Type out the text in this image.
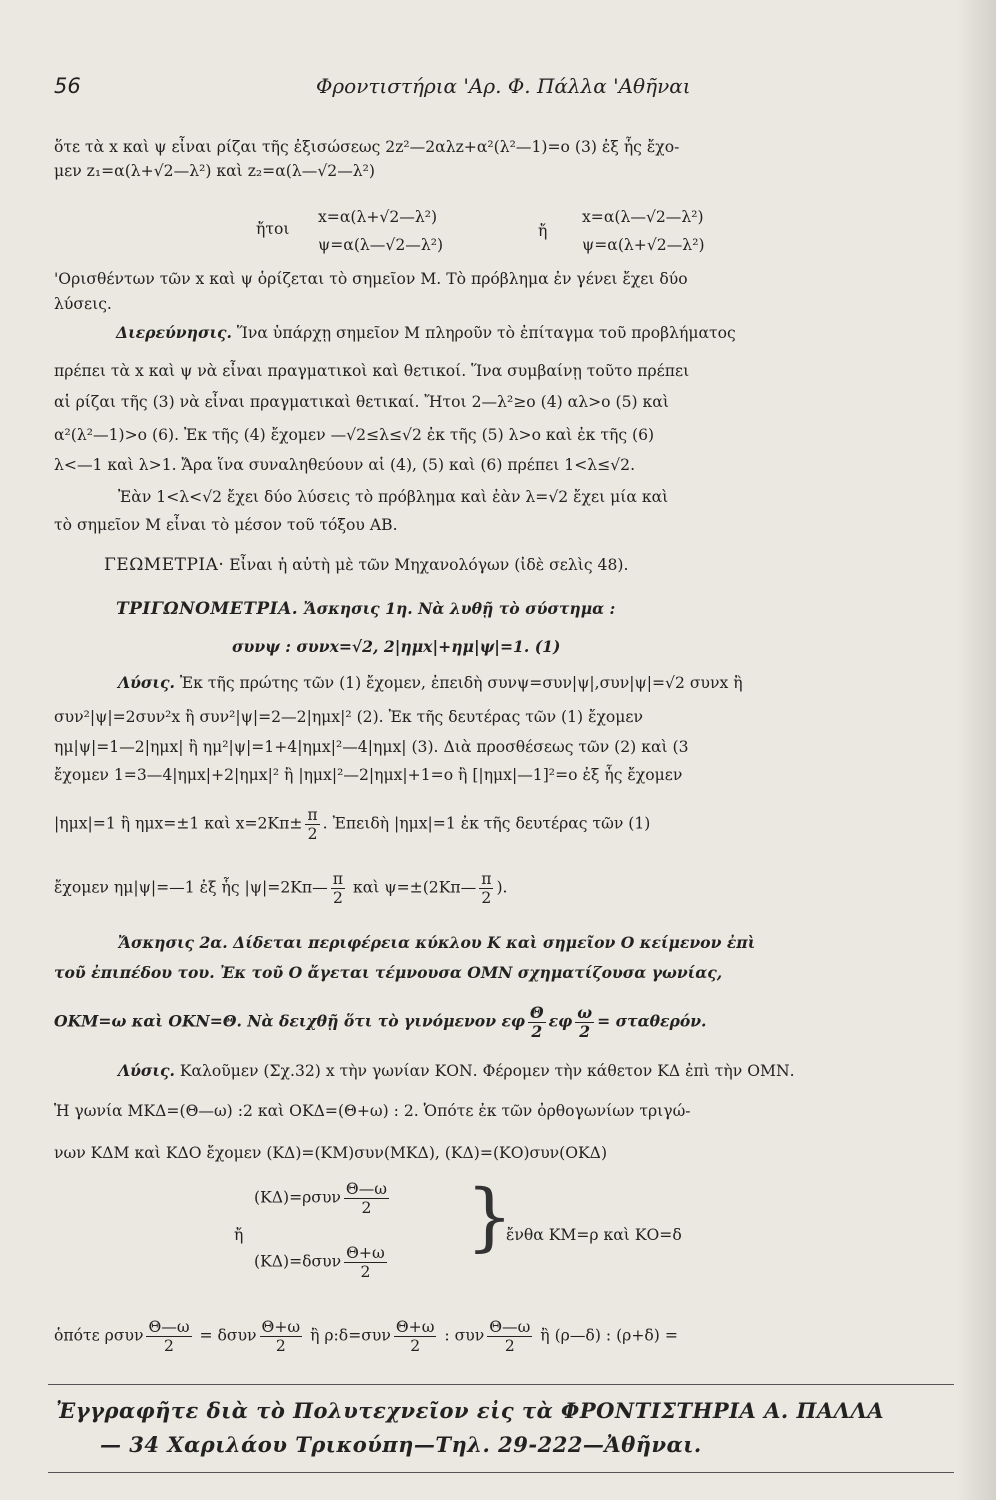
56	Φροντιστήρια 'Αρ. Φ. Πάλλα 'Αθῆναι
ὅτε τὰ x καὶ ψ εἶναι ρίζαι τῆς ἐξισώσεως 2z²—2αλz+α²(λ²—1)=ο (3) ἐξ ἧς ἔχο-
μεν z₁=α(λ+√2—λ²) καὶ z₂=α(λ—√2—λ²)
ἤτοι
x=α(λ+√2—λ²)
ψ=α(λ—√2—λ²)
ἤ
x=α(λ—√2—λ²)
ψ=α(λ+√2—λ²)
'Ορισθέντων τῶν x καὶ ψ ὁρίζεται τὸ σημεῖον Μ. Τὸ πρόβλημα ἐν γένει ἔχει δύο
λύσεις.
Διερεύνησις. Ἵνα ὑπάρχῃ σημεῖον Μ πληροῦν τὸ ἐπίταγμα τοῦ προβλήματος
πρέπει τὰ x καὶ ψ νὰ εἶναι πραγματικοὶ καὶ θετικοί. Ἵνα συμβαίνῃ τοῦτο πρέπει
αἱ ρίζαι τῆς (3) νὰ εἶναι πραγματικαὶ θετικαί. Ἤτοι 2—λ²≥ο (4) αλ>ο (5) καὶ
α²(λ²—1)>ο (6). Ἐκ τῆς (4) ἔχομεν —√2≤λ≤√2 ἐκ τῆς (5) λ>ο καὶ ἐκ τῆς (6)
λ<—1 καὶ λ>1. Ἄρα ἵνα συναληθεύουν αἱ (4), (5) καὶ (6) πρέπει 1<λ≤√2.
Ἐὰν 1<λ<√2 ἔχει δύο λύσεις τὸ πρόβλημα καὶ ἐὰν λ=√2 ἔχει μία καὶ
τὸ σημεῖον Μ εἶναι τὸ μέσον τοῦ τόξου ΑΒ.
ΓΕΩΜΕΤΡΙΑ· Εἶναι ἡ αὐτὴ μὲ τῶν Μηχανολόγων (ἰδὲ σελὶς 48).
ΤΡΙΓΩΝΟΜΕΤΡΙΑ. Ἄσκησις 1η. Νὰ λυθῇ τὸ σύστημα :
συνψ : συνx=√2, 2|ημx|+ημ|ψ|=1. (1)
Λύσις. Ἐκ τῆς πρώτης τῶν (1) ἔχομεν, ἐπειδὴ συνψ=συν|ψ|,συν|ψ|=√2 συνx ἢ
συν²|ψ|=2συν²x ἢ συν²|ψ|=2—2|ημx|² (2). Ἐκ τῆς δευτέρας τῶν (1) ἔχομεν
ημ|ψ|=1—2|ημx| ἢ ημ²|ψ|=1+4|ημx|²—4|ημx| (3). Διὰ προσθέσεως τῶν (2) καὶ (3
ἔχομεν 1=3—4|ημx|+2|ημx|² ἢ |ημx|²—2|ημx|+1=ο ἢ [|ημx|—1]²=ο ἐξ ἧς ἔχομεν
|ημx|=1 ἢ ημx=±1 καὶ $x=2K\pi\pm \frac{\pi}{2}$ . Ἐπειδὴ |ημx|=1 ἐκ τῆς δευτέρας τῶν (1)
ἔχομεν ημ|ψ|=—1 ἐξ ἧς |ψ|=2Κπ— $\frac{\pi}{2}$ καὶ ψ=±(2Κπ— $\frac{\pi}{2}$ ).
Ἄσκησις 2α. Δίδεται περιφέρεια κύκλου Κ καὶ σημεῖον Ο κείμενον ἐπὶ
τοῦ ἐπιπέδου του. Ἐκ τοῦ Ο ἄγεται τέμνουσα ΟΜΝ σχηματίζουσα γωνίας,
ΟΚΜ=ω καὶ ΟΚΝ=Θ. Νὰ δειχθῇ ὅτι τὸ γινόμενον εφ $\frac{\Theta}{2}$ εφ $\frac{\omega}{2} = \sigma\tau\alpha\theta\varepsilon\rho ό\nu$.
Λύσις. Καλοῦμεν (Σχ.32) x τὴν γωνίαν ΚΟΝ. Φέρομεν τὴν κάθετον ΚΔ ἐπὶ τὴν ΟΜΝ.
Ἡ γωνία ΜΚΔ=(Θ—ω) :2 καὶ ΟΚΔ=(Θ+ω) : 2. Ὁπότε ἐκ τῶν ὀρθογωνίων τριγώ-
νων ΚΔΜ καὶ ΚΔΟ ἔχομεν (ΚΔ)=(ΚΜ)συν(ΜΚΔ), (ΚΔ)=(ΚΟ)συν(ΟΚΔ)
$(K\Delta)=\rho\sigma\upsilon\nu \frac{\Theta—\omega}{2}$
ἤ
$(K\Delta)=\delta\sigma\upsilon\nu \frac{\Theta+\omega}{2}$
}
ἔνθα ΚΜ=ρ καὶ ΚΟ=δ
ὁπότε ρσυν $\frac{\Theta—\omega}{2} = \delta\sigma\upsilon\nu \frac{\Theta+\omega}{2}$ ἢ ρ:δ=συν $\frac{\Theta+\omega}{2}$ : συν $\frac{\Theta—\omega}{2}$ ἢ (ρ—δ) : (ρ+δ) =
Ἐγγραφῆτε διὰ τὸ Πολυτεχνεῖον εἰς τὰ ΦΡΟΝΤΙΣΤΗΡΙΑ Α. ΠΑΛΛΑ
— 34 Χαριλάου Τρικούπη—Τηλ. 29-222—Ἀθῆναι.
